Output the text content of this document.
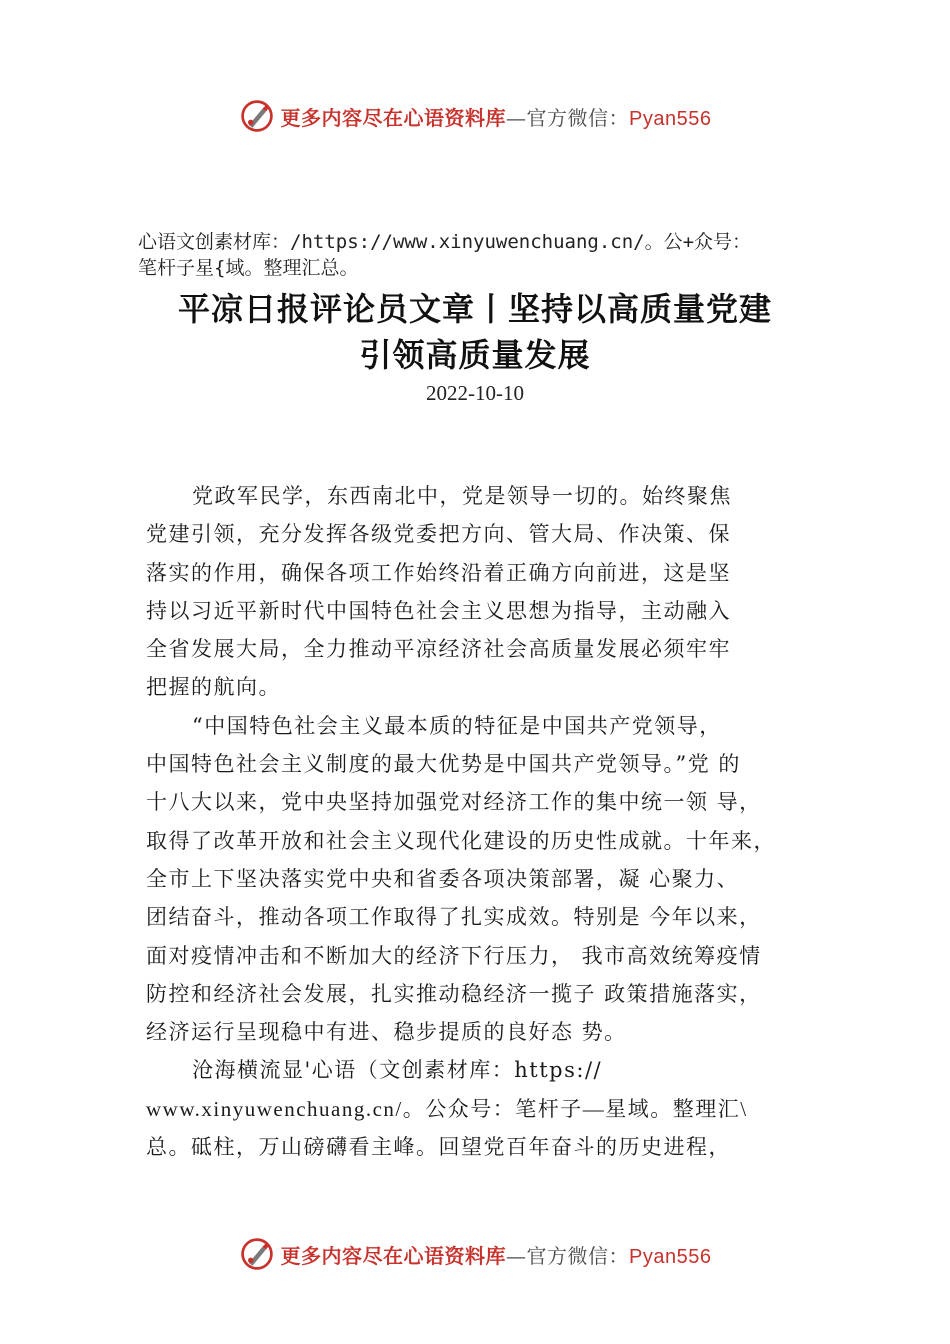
更多内容尽在心语资料库—官方微信：Pyan556
心语文创素材库：/https://www.xinyuwenchuang.cn/。公+众号：
笔杆子星{域。整理汇总。
平凉日报评论员文章丨坚持以高质量党建
引领高质量发展
2022-10-10
党政军民学，东西南北中，党是领导一切的。始终聚焦
党建引领，充分发挥各级党委把方向、管大局、作决策、保
落实的作用，确保各项工作始终沿着正确方向前进，这是坚
持以习近平新时代中国特色社会主义思想为指导，主动融入
全省发展大局，全力推动平凉经济社会高质量发展必须牢牢
把握的航向。
“中国特色社会主义最本质的特征是中国共产党领导，
中国特色社会主义制度的最大优势是中国共产党领导。”党 的
十八大以来，党中央坚持加强党对经济工作的集中统一领 导，
取得了改革开放和社会主义现代化建设的历史性成就。十年来，
全市上下坚决落实党中央和省委各项决策部署，凝 心聚力、
团结奋斗，推动各项工作取得了扎实成效。特别是 今年以来，
面对疫情冲击和不断加大的经济下行压力， 我市高效统筹疫情
防控和经济社会发展，扎实推动稳经济一揽子 政策措施落实，
经济运行呈现稳中有进、稳步提质的良好态 势。
沧海横流显'心语（文创素材库：https://
www.xinyuwenchuang.cn/。公众号：笔杆子—星域。整理汇\
总。砥柱，万山磅礴看主峰。回望党百年奋斗的历史进程，
更多内容尽在心语资料库—官方微信：Pyan556
